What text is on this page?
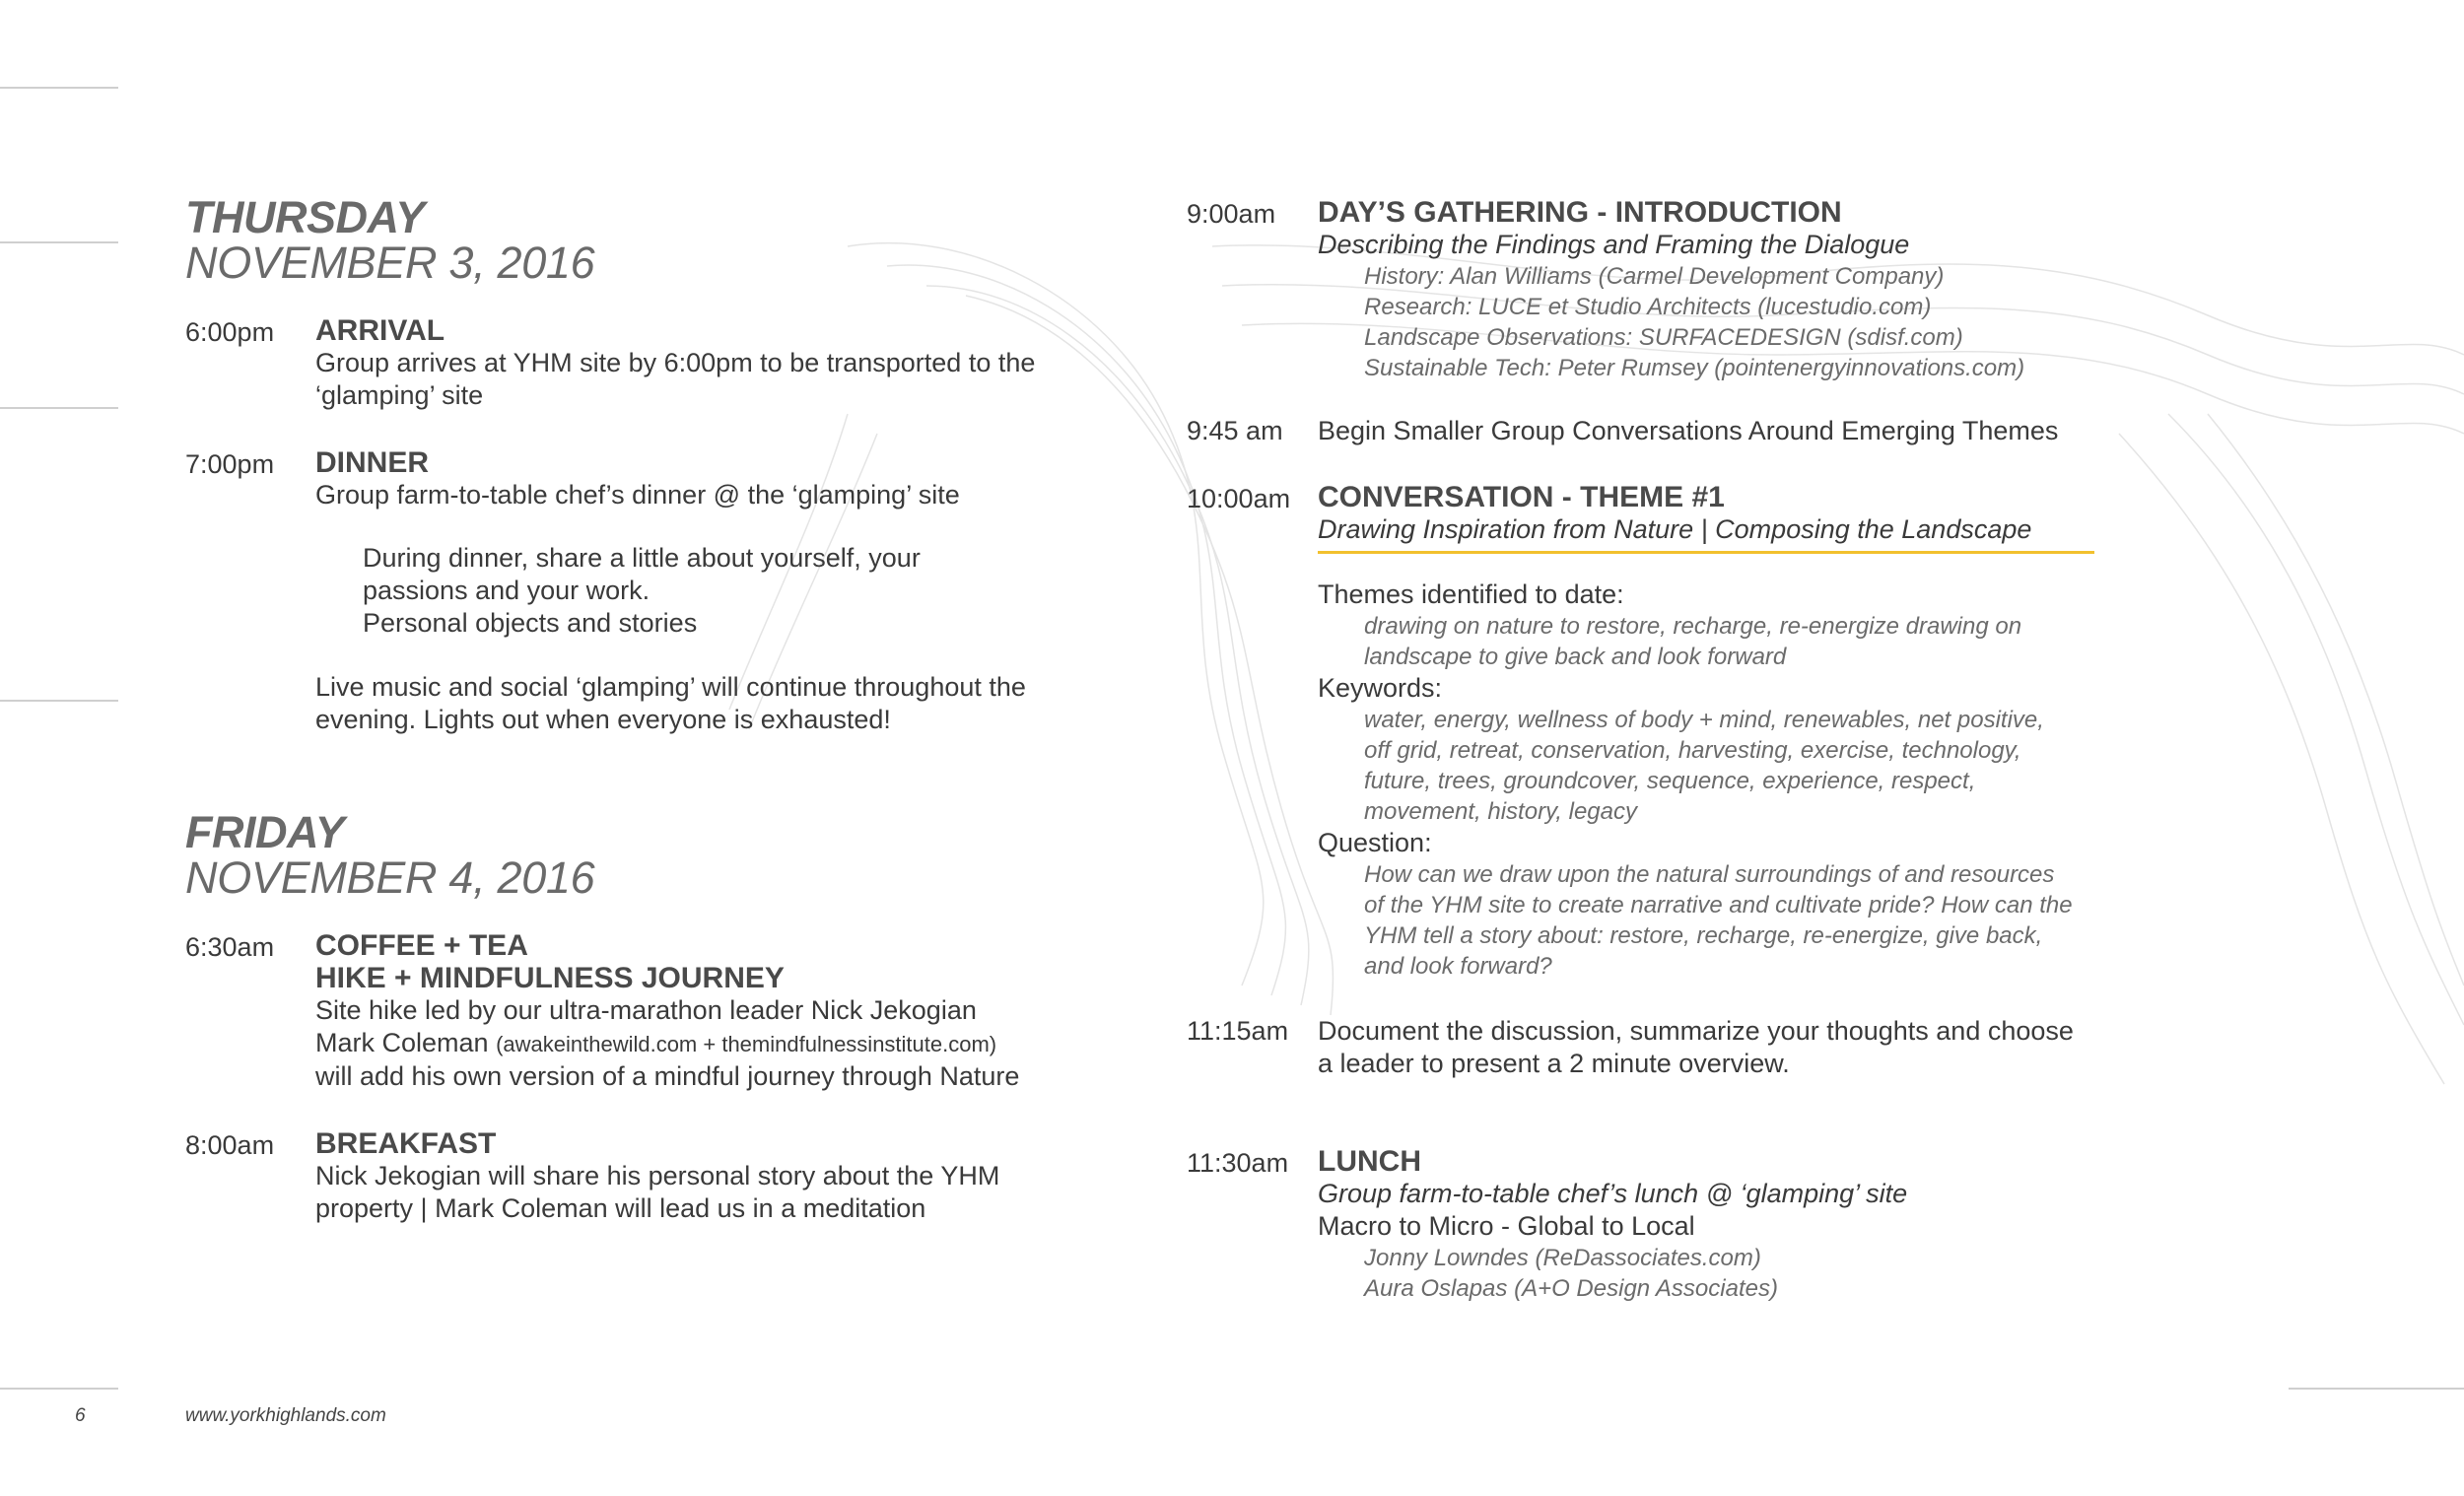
THURSDAY
NOVEMBER 3, 2016
6:00pm ARRIVAL
Group arrives at YHM site by 6:00pm to be transported to the
‘glamping’ site
7:00pm DINNER
Group farm-to-table chef’s dinner @ the ‘glamping’ site
During dinner, share a little about yourself, your
passions and your work.
Personal objects and stories
Live music and social ‘glamping’ will continue throughout the
evening. Lights out when everyone is exhausted!
FRIDAY
NOVEMBER 4, 2016
6:30am COFFEE + TEA
HIKE + MINDFULNESS JOURNEY
Site hike led by our ultra-marathon leader Nick Jekogian
Mark Coleman (awakeinthewild.com + themindfulnessinstitute.com)
will add his own version of a mindful journey through Nature
8:00am BREAKFAST
Nick Jekogian will share his personal story about the YHM
property | Mark Coleman will lead us in a meditation
9:00am DAY’S GATHERING - INTRODUCTION
Describing the Findings and Framing the Dialogue
History: Alan Williams (Carmel Development Company)
Research: LUCE et Studio Architects (lucestudio.com)
Landscape Observations: SURFACEDESIGN (sdisf.com)
Sustainable Tech: Peter Rumsey (pointenergyinnovations.com)
9:45 am Begin Smaller Group Conversations Around Emerging Themes
10:00am CONVERSATION - THEME #1
Drawing Inspiration from Nature | Composing the Landscape
Themes identified to date:
drawing on nature to restore, recharge, re-energize drawing on
landscape to give back and look forward
Keywords:
water, energy, wellness of body + mind, renewables, net positive,
off grid, retreat, conservation, harvesting, exercise, technology,
future, trees, groundcover, sequence, experience, respect,
movement, history, legacy
Question:
How can we draw upon the natural surroundings of and resources
of the YHM site to create narrative and cultivate pride? How can the
YHM tell a story about: restore, recharge, re-energize, give back,
and look forward?
11:15am Document the discussion, summarize your thoughts and choose
a leader to present a 2 minute overview.
11:30am LUNCH
Group farm-to-table chef’s lunch @ ‘glamping’ site
Macro to Micro - Global to Local
Jonny Lowndes (ReDassociates.com)
Aura Oslapas (A+O Design Associates)
6	www.yorkhighlands.com
